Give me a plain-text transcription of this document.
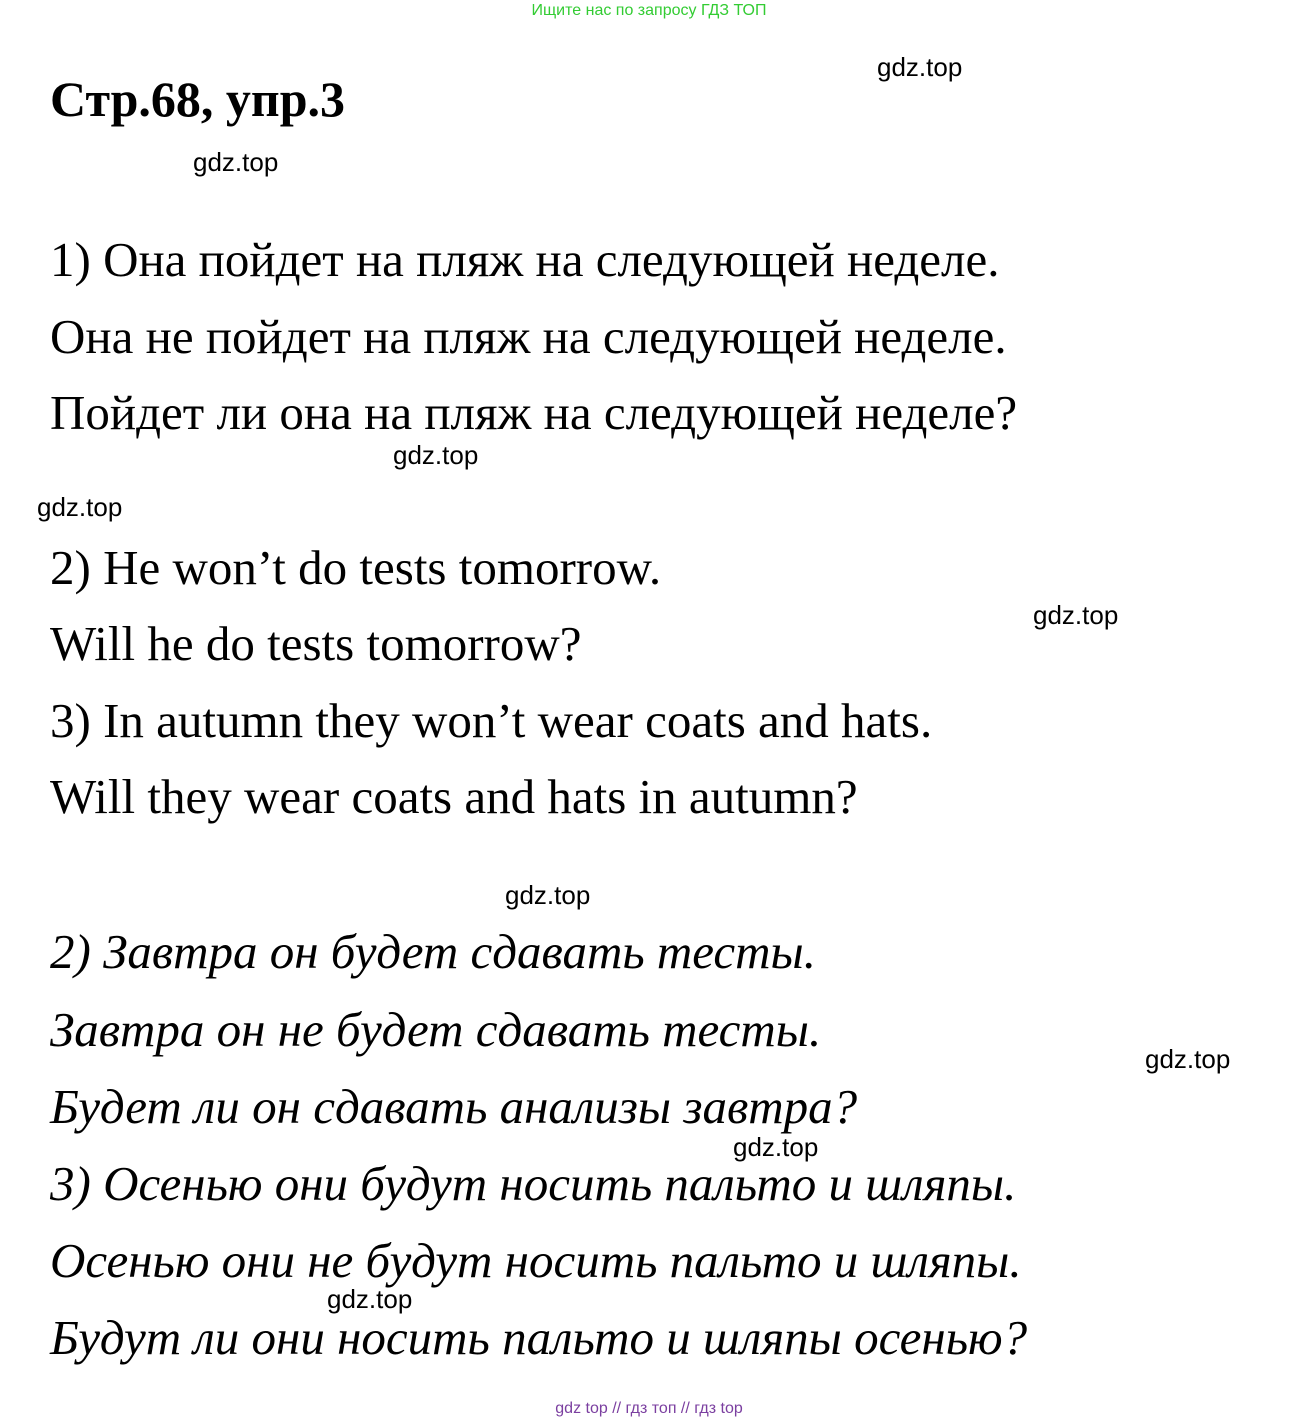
Ищите нас по запросу ГДЗ ТОП
Стр.68, упр.3
1) Она пойдет на пляж на следующей неделе.
Она не пойдет на пляж на следующей неделе.
Пойдет ли она на пляж на следующей неделе?
2) He won’t do tests tomorrow.
Will he do tests tomorrow?
3) In autumn they won’t wear coats and hats.
Will they wear coats and hats in autumn?
2) Завтра он будет сдавать тесты.
Завтра он не будет сдавать тесты.
Будет ли он сдавать анализы завтра?
3) Осенью они будут носить пальто и шляпы.
Осенью они не будут носить пальто и шляпы.
Будут ли они носить пальто и шляпы осенью?
gdz.top
gdz.top
gdz.top
gdz.top
gdz.top
gdz.top
gdz.top
gdz.top
gdz.top
gdz top // гдз топ // гдз top
